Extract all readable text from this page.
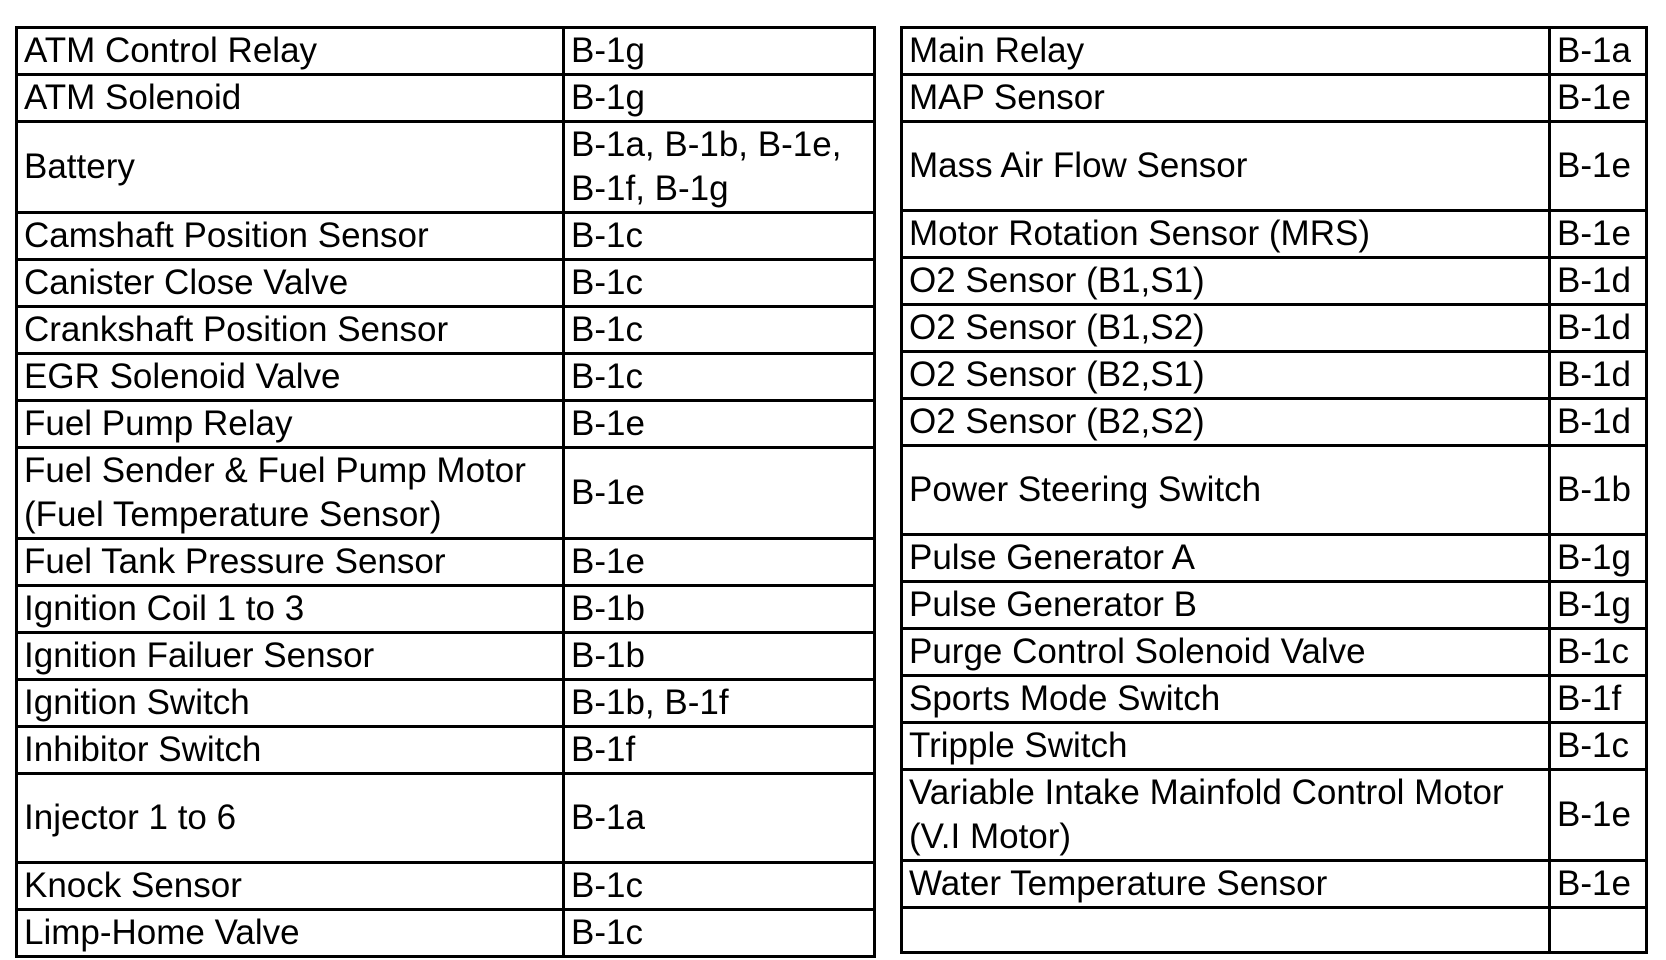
ATM Control Relay	B-1g
ATM Solenoid	B-1g
Battery	B-1a, B-1b, B-1e,
B-1f, B-1g
Camshaft Position Sensor	B-1c
Canister Close Valve	B-1c
Crankshaft Position Sensor	B-1c
EGR Solenoid Valve	B-1c
Fuel Pump Relay	B-1e
Fuel Sender & Fuel Pump Motor
(Fuel Temperature Sensor)	B-1e
Fuel Tank Pressure Sensor	B-1e
Ignition Coil 1 to 3	B-1b
Ignition Failuer Sensor	B-1b
Ignition Switch	B-1b, B-1f
Inhibitor Switch	B-1f
Injector 1 to 6	B-1a
Knock Sensor	B-1c
Limp-Home Valve	B-1c
Main Relay	B-1a
MAP Sensor	B-1e
Mass Air Flow Sensor	B-1e
Motor Rotation Sensor (MRS)	B-1e
O2 Sensor (B1,S1)	B-1d
O2 Sensor (B1,S2)	B-1d
O2 Sensor (B2,S1)	B-1d
O2 Sensor (B2,S2)	B-1d
Power Steering Switch	B-1b
Pulse Generator A	B-1g
Pulse Generator B	B-1g
Purge Control Solenoid Valve	B-1c
Sports Mode Switch	B-1f
Tripple Switch	B-1c
Variable Intake Mainfold Control Motor
(V.I Motor)	B-1e
Water Temperature Sensor	B-1e
